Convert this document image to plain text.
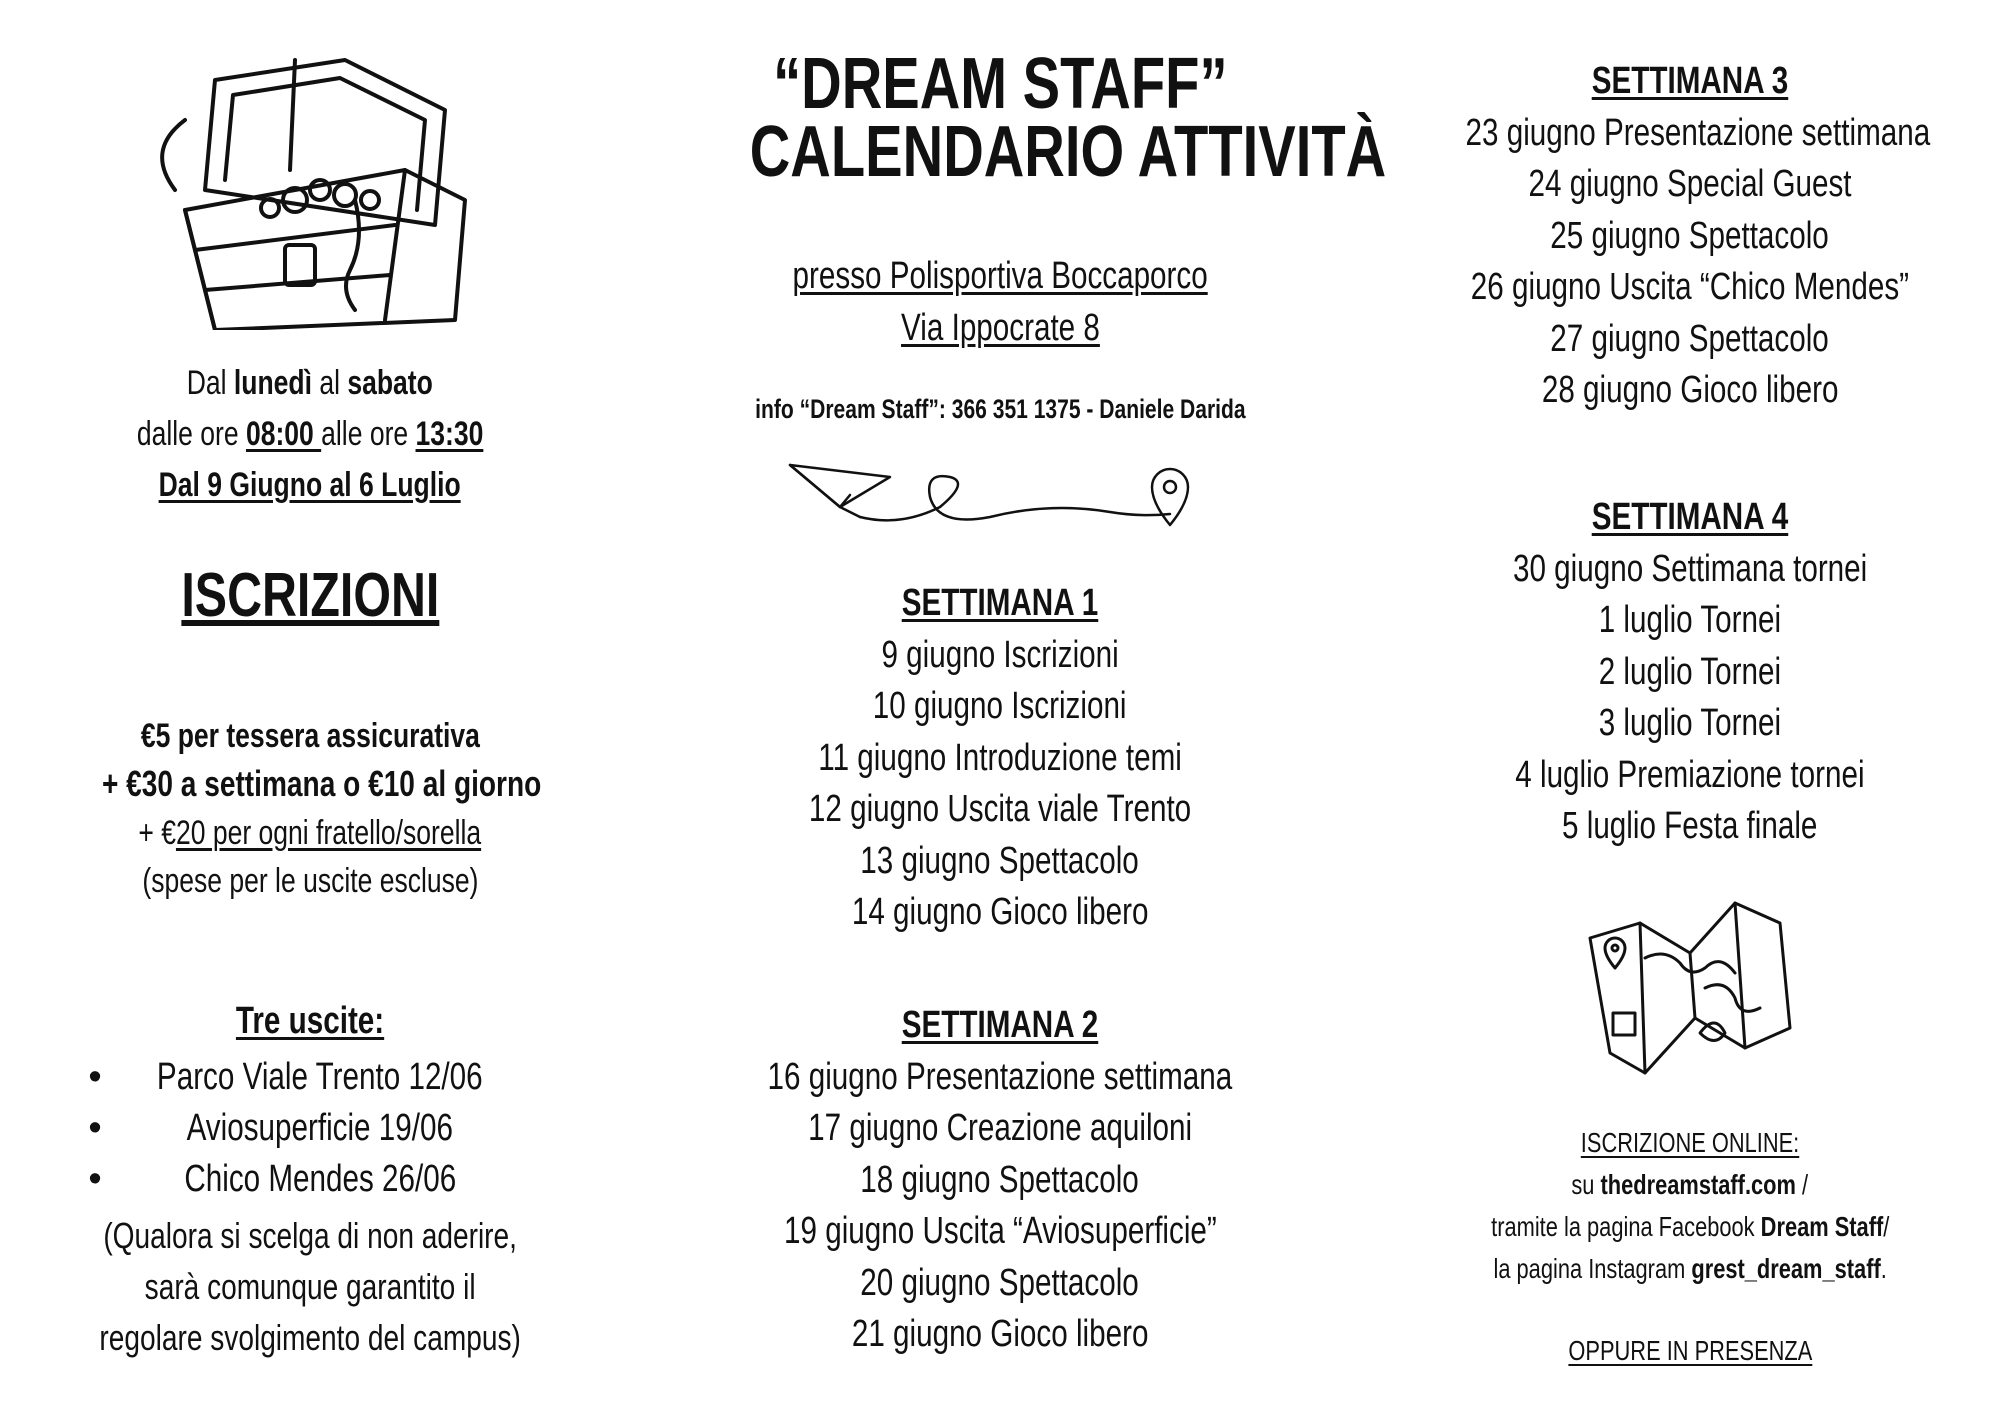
Dal lunedì al sabato
dalle ore 08:00 alle ore 13:30
Dal 9 Giugno al 6 Luglio
ISCRIZIONI
€5 per tessera assicurativa
+ €30 a settimana o €10 al giorno
+ €20 per ogni fratello/sorella
(spese per le uscite escluse)
Tre uscite:
• Parco Viale Trento 12/06
• Aviosuperficie 19/06
• Chico Mendes 26/06
(Qualora si scelga di non aderire,
sarà comunque garantito il
regolare svolgimento del campus)
“DREAM STAFF”
CALENDARIO ATTIVITÀ
presso Polisportiva Boccaporco
Via Ippocrate 8
info “Dream Staff”: 366 351 1375 - Daniele Darida
SETTIMANA 1
9 giugno Iscrizioni
10 giugno Iscrizioni
11 giugno Introduzione temi
12 giugno Uscita viale Trento
13 giugno Spettacolo
14 giugno Gioco libero
SETTIMANA 2
16 giugno Presentazione settimana
17 giugno Creazione aquiloni
18 giugno Spettacolo
19 giugno Uscita “Aviosuperficie”
20 giugno Spettacolo
21 giugno Gioco libero
SETTIMANA 3
23 giugno Presentazione settimana
24 giugno Special Guest
25 giugno Spettacolo
26 giugno Uscita “Chico Mendes”
27 giugno Spettacolo
28 giugno Gioco libero
SETTIMANA 4
30 giugno Settimana tornei
1 luglio Tornei
2 luglio Tornei
3 luglio Tornei
4 luglio Premiazione tornei
5 luglio Festa finale
ISCRIZIONE ONLINE:
su thedreamstaff.com /
tramite la pagina Facebook Dream Staff/
la pagina Instagram grest_dream_staff.
OPPURE IN PRESENZA
